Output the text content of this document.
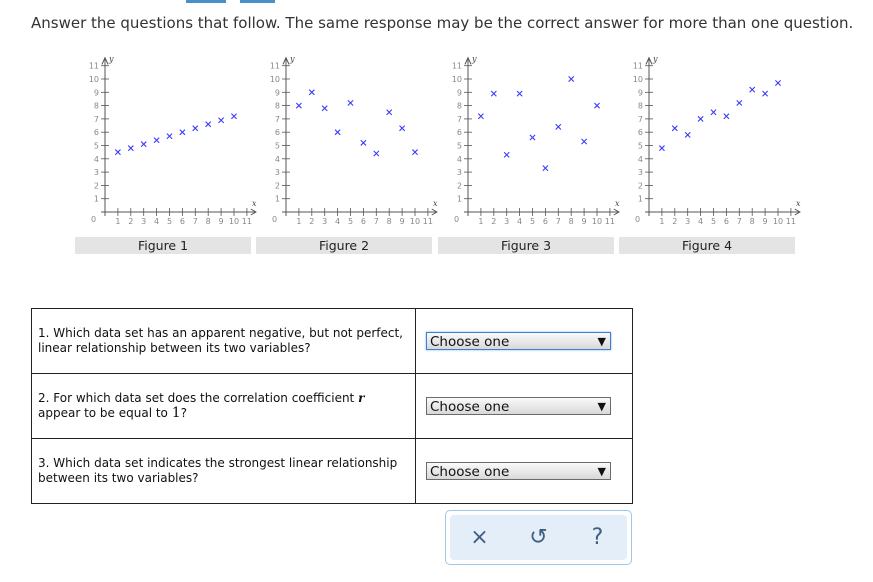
Answer the questions that follow. The same response may be the correct answer for more than one question.
1
2
3
4
5
6
7
8
9
10
11
1 2 3 4 5 6 7 8 9 10 11
0
y
x
Figure 1
1
2
3
4
5
6
7
8
9
10
11
1 2 3 4 5 6 7 8 9 10 11
0
y
x
Figure 2
1
2
3
4
5
6
7
8
9
10
11
1 2 3 4 5 6 7 8 9 10 11
0
y
x
Figure 3
1
2
3
4
5
6
7
8
9
10
11
1 2 3 4 5 6 7 8 9 10 11
0
y
x
Figure 4
1. Which data set has an apparent negative, but not perfect, linear relationship between its two variables?	Choose one ▼

2. For which data set does the correlation coefficient r
appear to be equal to 1?	Choose one ▼

3. Which data set indicates the strongest linear relationship between its two variables?	Choose one ▼
×	↺	?
